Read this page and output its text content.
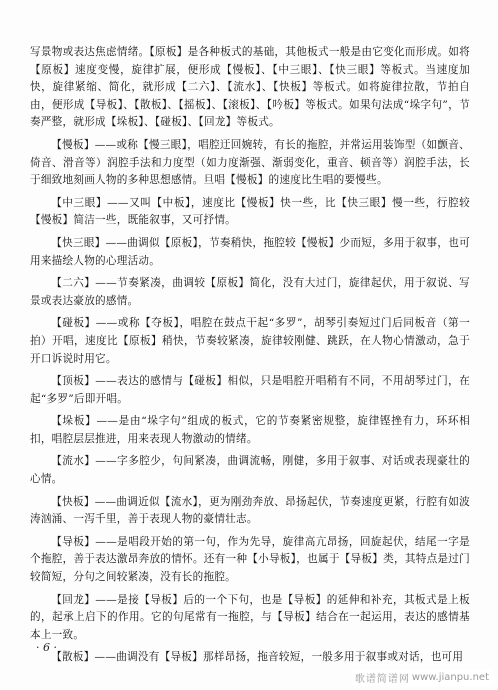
写景物或表达焦虑情绪。【原板】是各种板式的基础，其他板式一般是由它变化而形成。如将【原板】速度变慢，旋律扩展，便形成【慢板】、【中三眼】、【快三眼】等板式。当速度加快，旋律紧缩、简化，就形成【二六】、【流水】、【快板】等板式。如将旋律拉散，节拍自由，便形成【导板】、【散板】、【摇板】、【滚板】、【吟板】等板式。如果句法成“垛字句”，节奏严整，就形成【垛板】、【碰板】、【回龙】等板式。

【慢板】——或称【慢三眼】，唱腔迂回婉转，有长的拖腔，并常运用装饰型（如颤音、倚音、滑音等）润腔手法和力度型（如力度渐强、渐弱变化，重音、顿音等）润腔手法，长于细致地刻画人物的多种思想感情。旦唱【慢板】的速度比生唱的要慢些。

【中三眼】——又叫【中板】，速度比【慢板】快一些，比【快三眼】慢一些，行腔较【慢板】简洁一些，既能叙事，又可抒情。

【快三眼】——曲调似【原板】，节奏稍快，拖腔较【慢板】少而短，多用于叙事，也可用来描绘人物的心理活动。

【二六】——节奏紧凑，曲调较【原板】简化，没有大过门，旋律起伏，用于叙说、写景或表达豪放的感情。

【碰板】——或称【夺板】，唱腔在鼓点干起“多罗”，胡琴引奏短过门后同板音（第一拍）开唱，速度比【原板】稍快，节奏较紧凑，旋律较刚健、跳跃，在人物心情激动，急于开口诉说时用它。

【顶板】——表达的感情与【碰板】相似，只是唱腔开唱稍有不同，不用胡琴过门，在起“多罗”后即开唱。

【垛板】——是由“垛字句”组成的板式，它的节奏紧密规整，旋律铿挫有力，环环相扣，唱腔层层推进，用来表现人物激动的情绪。

【流水】——字多腔少，句间紧凑，曲调流畅，刚健，多用于叙事、对话或表现豪壮的心情。

【快板】——曲调近似【流水】，更为刚劲奔放、昂扬起伏，节奏速度更紧，行腔有如波涛汹涌、一泻千里，善于表现人物的豪情壮志。

【导板】——是唱段开始的第一句，作为先导，旋律高亢昂扬，回旋起伏，结尾一字是个拖腔，善于表达激昂奔放的情怀。还有一种【小导板】，也属于【导板】类，其特点是过门较简短，分句之间较紧凑，没有长的拖腔。

【回龙】——是接【导板】后的一个下句，也是【导板】的延伸和补充，其板式是上板的，起承上启下的作用。它的句尾常有一拖腔，与【导板】结合在一起运用，表达的感情基本上一致。

【散板】——曲调没有【导板】那样昂扬，拖音较短，一般多用于叙事或对话，也可用

· 6 ·
歌谱简谱网 www.jianpu.net
